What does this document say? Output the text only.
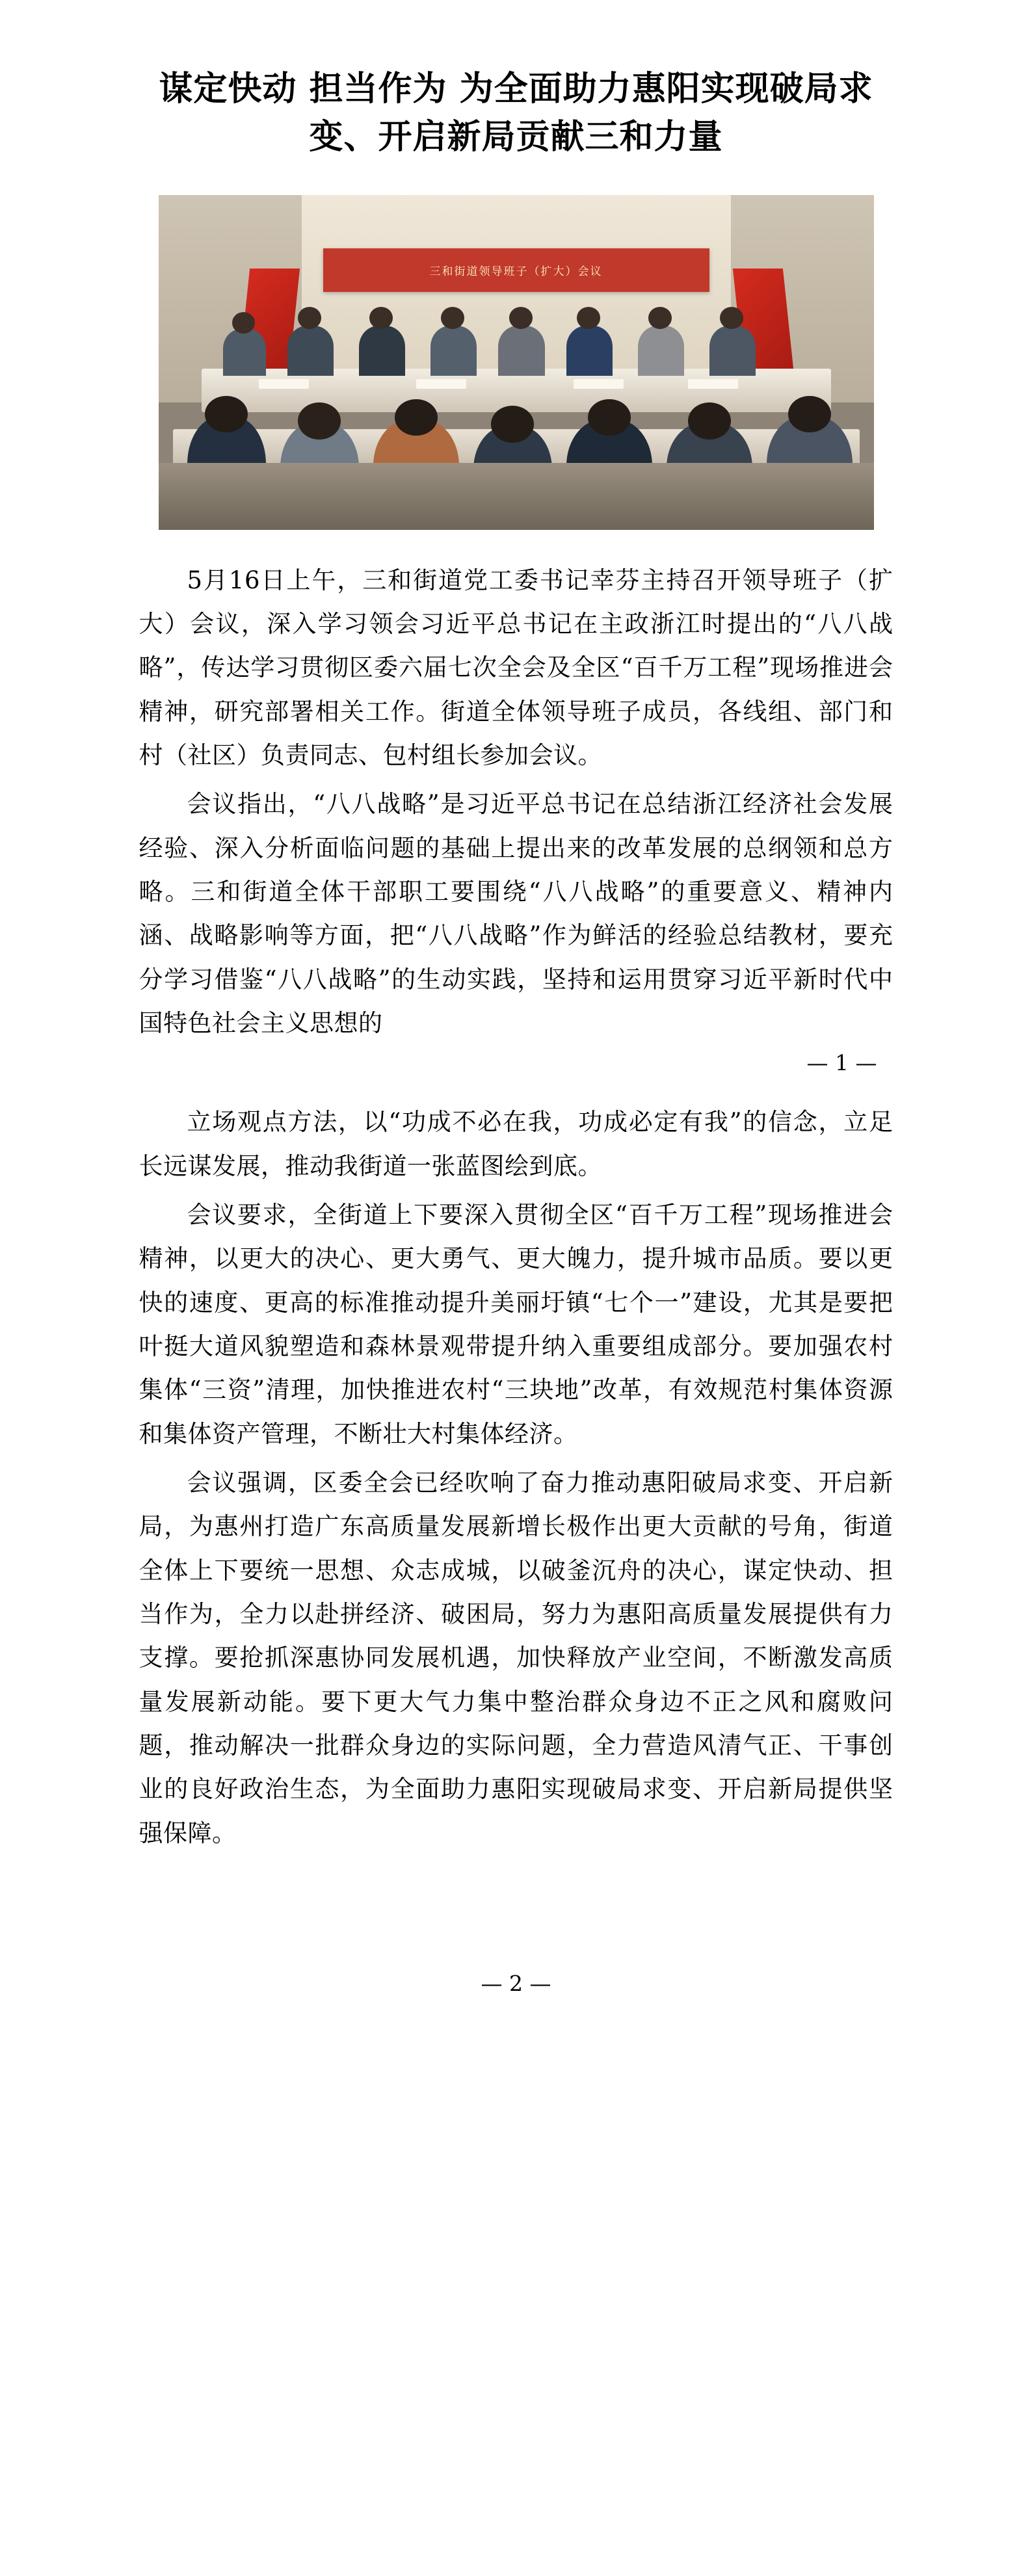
谋定快动 担当作为 为全面助力惠阳实现破局求变、开启新局贡献三和力量
三和街道领导班子（扩大）会议

5月16日上午，三和街道党工委书记幸芬主持召开领导班子（扩大）会议，深入学习领会习近平总书记在主政浙江时提出的“八八战略”，传达学习贯彻区委六届七次全会及全区“百千万工程”现场推进会精神，研究部署相关工作。街道全体领导班子成员，各线组、部门和村（社区）负责同志、包村组长参加会议。

会议指出，“八八战略”是习近平总书记在总结浙江经济社会发展经验、深入分析面临问题的基础上提出来的改革发展的总纲领和总方略。三和街道全体干部职工要围绕“八八战略”的重要意义、精神内涵、战略影响等方面，把“八八战略”作为鲜活的经验总结教材，要充分学习借鉴“八八战略”的生动实践，坚持和运用贯穿习近平新时代中国特色社会主义思想的

— 1 —

立场观点方法，以“功成不必在我，功成必定有我”的信念，立足长远谋发展，推动我街道一张蓝图绘到底。

会议要求，全街道上下要深入贯彻全区“百千万工程”现场推进会精神，以更大的决心、更大勇气、更大魄力，提升城市品质。要以更快的速度、更高的标准推动提升美丽圩镇“七个一”建设，尤其是要把叶挺大道风貌塑造和森林景观带提升纳入重要组成部分。要加强农村集体“三资”清理，加快推进农村“三块地”改革，有效规范村集体资源和集体资产管理，不断壮大村集体经济。

会议强调，区委全会已经吹响了奋力推动惠阳破局求变、开启新局，为惠州打造广东高质量发展新增长极作出更大贡献的号角，街道全体上下要统一思想、众志成城，以破釜沉舟的决心，谋定快动、担当作为，全力以赴拼经济、破困局，努力为惠阳高质量发展提供有力支撑。要抢抓深惠协同发展机遇，加快释放产业空间，不断激发高质量发展新动能。要下更大气力集中整治群众身边不正之风和腐败问题，推动解决一批群众身边的实际问题，全力营造风清气正、干事创业的良好政治生态，为全面助力惠阳实现破局求变、开启新局提供坚强保障。

— 2 —
